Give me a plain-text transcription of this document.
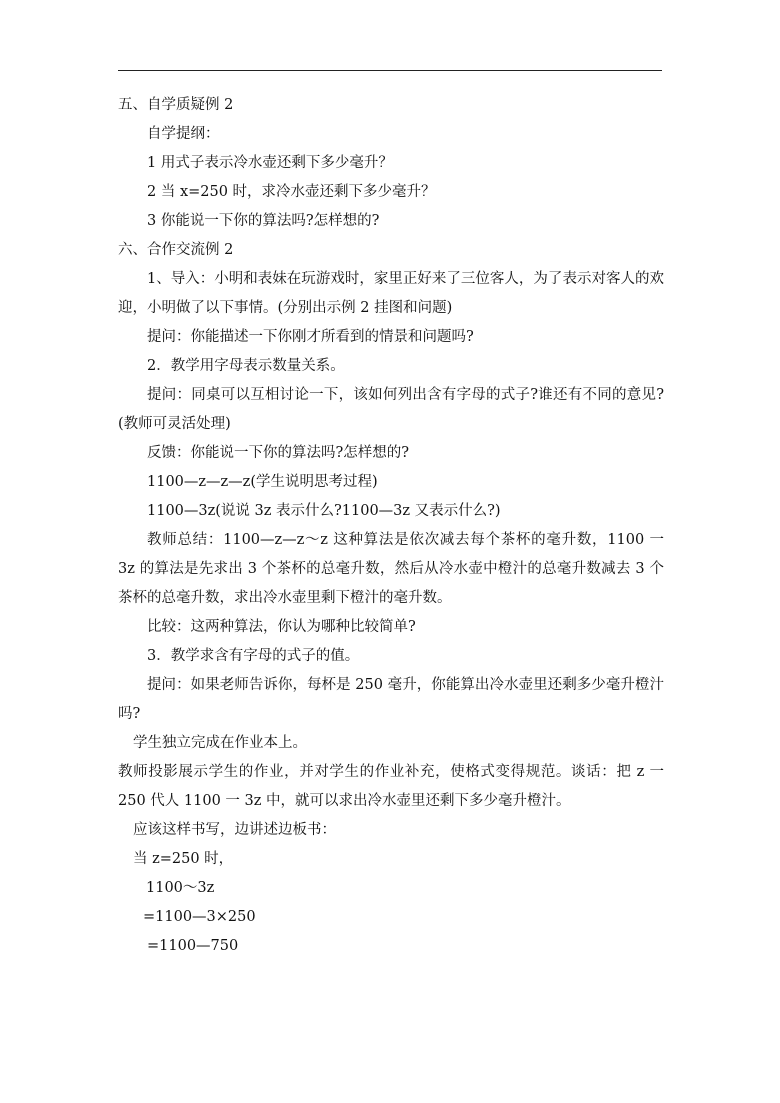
五、自学质疑例 2
自学提纲：
1 用式子表示冷水壶还剩下多少毫升？
2 当 x=250 时，求冷水壶还剩下多少毫升？
3 你能说一下你的算法吗?怎样想的?
六、合作交流例 2
1、导入：小明和表妹在玩游戏时，家里正好来了三位客人，为了表示对客人的欢迎，小明做了以下事情。(分别出示例 2 挂图和问题)
提问：你能描述一下你刚才所看到的情景和问题吗?
2．教学用字母表示数量关系。
提问：同桌可以互相讨论一下，该如何列出含有字母的式子?谁还有不同的意见?(教师可灵活处理)
反馈：你能说一下你的算法吗?怎样想的?
1100—z—z—z(学生说明思考过程)
1100—3z(说说 3z 表示什么?1100—3z 又表示什么?)
教师总结：1100—z—z～z 这种算法是依次减去每个茶杯的毫升数，1100 一 3z 的算法是先求出 3 个茶杯的总毫升数，然后从冷水壶中橙汁的总毫升数减去 3 个茶杯的总毫升数，求出冷水壶里剩下橙汁的毫升数。
比较：这两种算法，你认为哪种比较简单?
3．教学求含有字母的式子的值。
提问：如果老师告诉你，每杯是 250 毫升，你能算出冷水壶里还剩多少毫升橙汁吗?
学生独立完成在作业本上。
教师投影展示学生的作业，并对学生的作业补充，使格式变得规范。谈话：把 z 一 250 代人 1100 一 3z 中，就可以求出冷水壶里还剩下多少毫升橙汁。
应该这样书写，边讲述边板书：
当 z=250 时，
1100～3z
=1100—3×250
=1100—750
